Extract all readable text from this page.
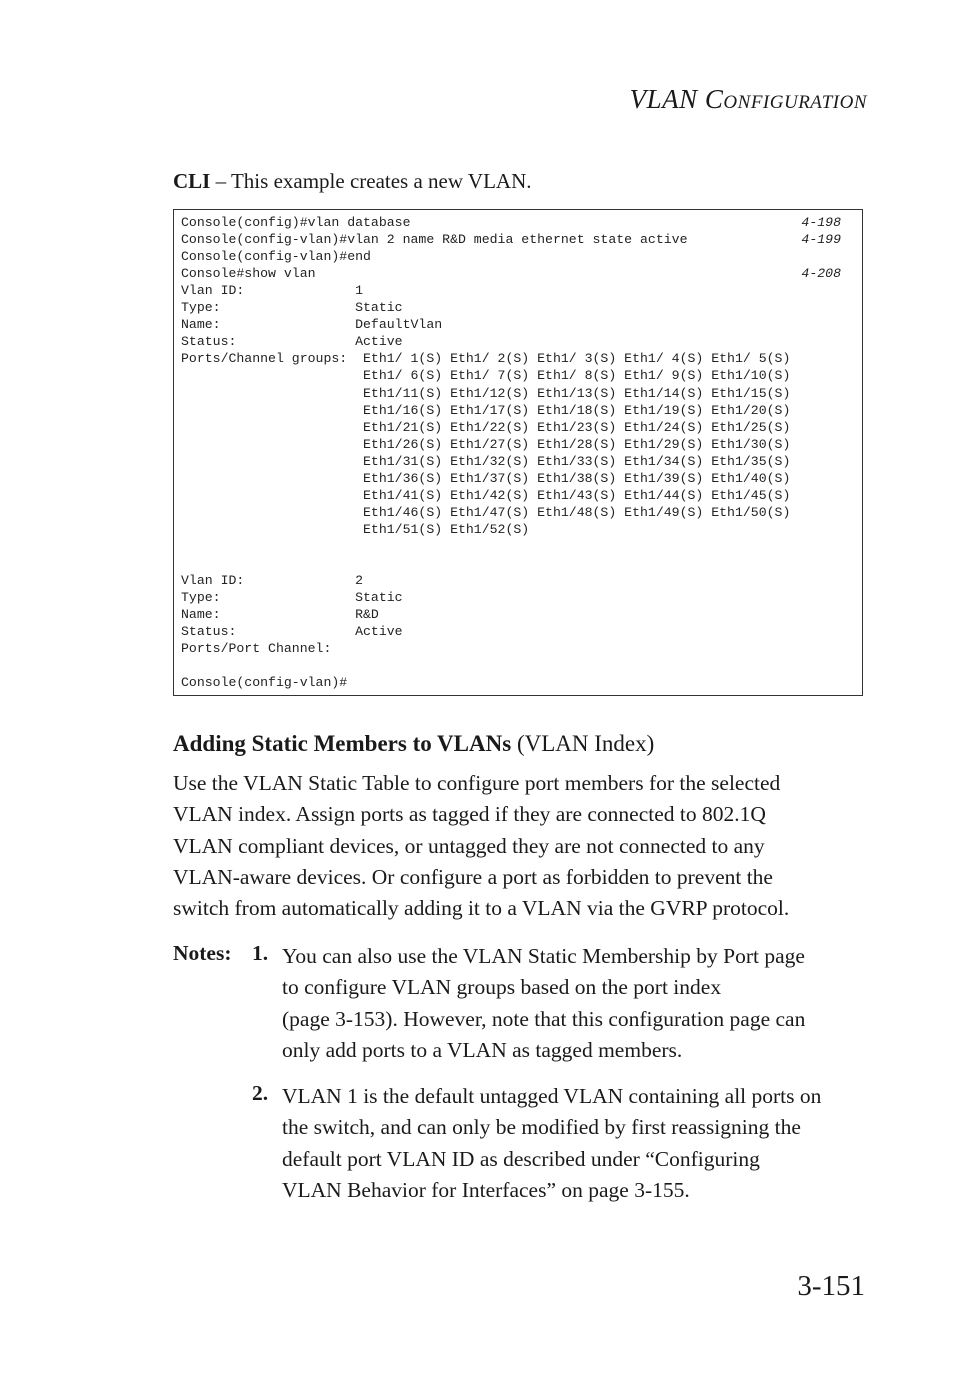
VLAN CONFIGURATION
CLI – This example creates a new VLAN.
Console(config)#vlan database	4-198
Console(config-vlan)#vlan 2 name R&D media ethernet state active	4-199
Console(config-vlan)#end
Console#show vlan	4-208
Vlan ID:              1
Type:                 Static
Name:                 DefaultVlan
Status:               Active
Ports/Channel groups:  Eth1/ 1(S) Eth1/ 2(S) Eth1/ 3(S) Eth1/ 4(S) Eth1/ 5(S)
Eth1/ 6(S) Eth1/ 7(S) Eth1/ 8(S) Eth1/ 9(S) Eth1/10(S)
Eth1/11(S) Eth1/12(S) Eth1/13(S) Eth1/14(S) Eth1/15(S)
Eth1/16(S) Eth1/17(S) Eth1/18(S) Eth1/19(S) Eth1/20(S)
Eth1/21(S) Eth1/22(S) Eth1/23(S) Eth1/24(S) Eth1/25(S)
Eth1/26(S) Eth1/27(S) Eth1/28(S) Eth1/29(S) Eth1/30(S)
Eth1/31(S) Eth1/32(S) Eth1/33(S) Eth1/34(S) Eth1/35(S)
Eth1/36(S) Eth1/37(S) Eth1/38(S) Eth1/39(S) Eth1/40(S)
Eth1/41(S) Eth1/42(S) Eth1/43(S) Eth1/44(S) Eth1/45(S)
Eth1/46(S) Eth1/47(S) Eth1/48(S) Eth1/49(S) Eth1/50(S)
Eth1/51(S) Eth1/52(S)
Vlan ID:              2
Type:                 Static
Name:                 R&D
Status:               Active
Ports/Port Channel:
Console(config-vlan)#
Adding Static Members to VLANs (VLAN Index)
Use the VLAN Static Table to configure port members for the selected
VLAN index. Assign ports as tagged if they are connected to 802.1Q
VLAN compliant devices, or untagged they are not connected to any
VLAN-aware devices. Or configure a port as forbidden to prevent the
switch from automatically adding it to a VLAN via the GVRP protocol.
Notes: 1. You can also use the VLAN Static Membership by Port page
to configure VLAN groups based on the port index
(page 3-153). However, note that this configuration page can
only add ports to a VLAN as tagged members.
2. VLAN 1 is the default untagged VLAN containing all ports on
the switch, and can only be modified by first reassigning the
default port VLAN ID as described under “Configuring
VLAN Behavior for Interfaces” on page 3-155.
3-151
